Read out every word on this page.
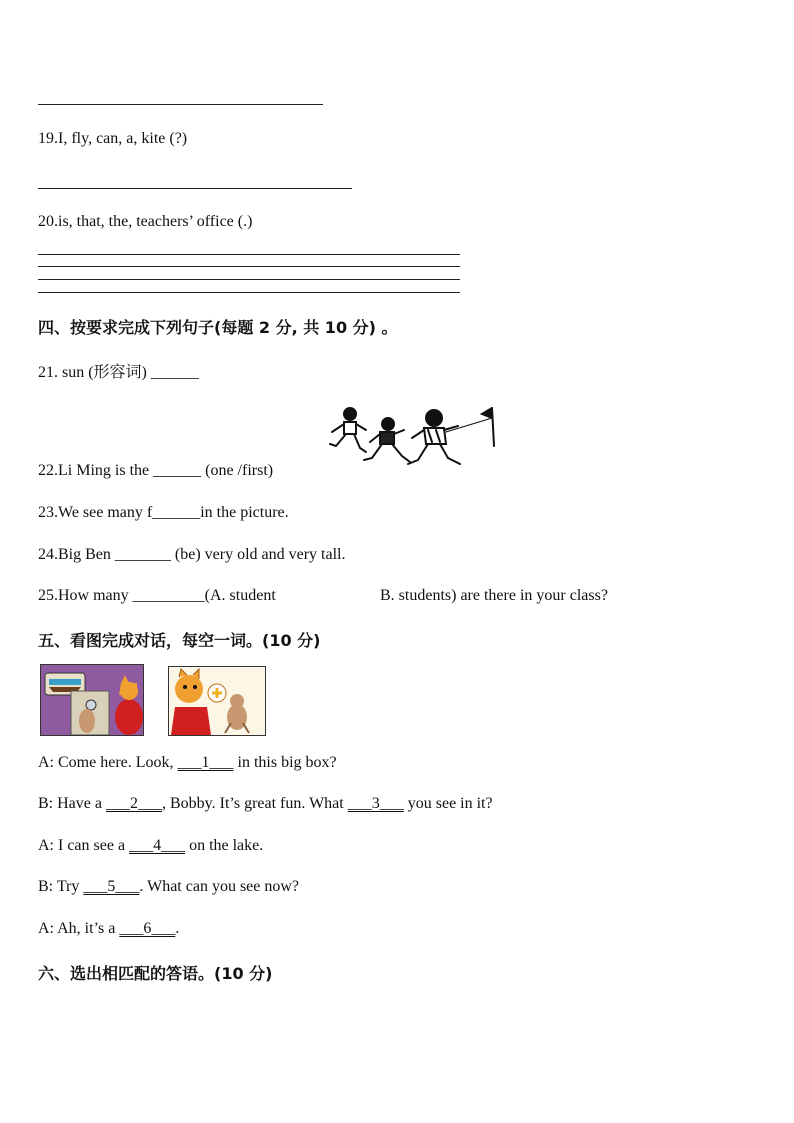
19.I, fly, can, a, kite (?)
20.is, that, the, teachers’ office (.)
四、按要求完成下列句子(每题 2 分, 共 10 分) 。
21. sun (形容词) ______
22.Li Ming is the ______ (one /first)
23.We see many f______in the picture.
24.Big Ben _______ (be) very old and very tall.
25.How many _________(A. student	B. students) are there in your class?
五、看图完成对话，每空一词。(10 分)
A: Come here. Look, ___1___ in this big box?
B: Have a ___2___, Bobby. It’s great fun. What ___3___ you see in it?
A: I can see a ___4___ on the lake.
B: Try ___5___. What can you see now?
A: Ah, it’s a ___6___.
六、选出相匹配的答语。(10 分)
